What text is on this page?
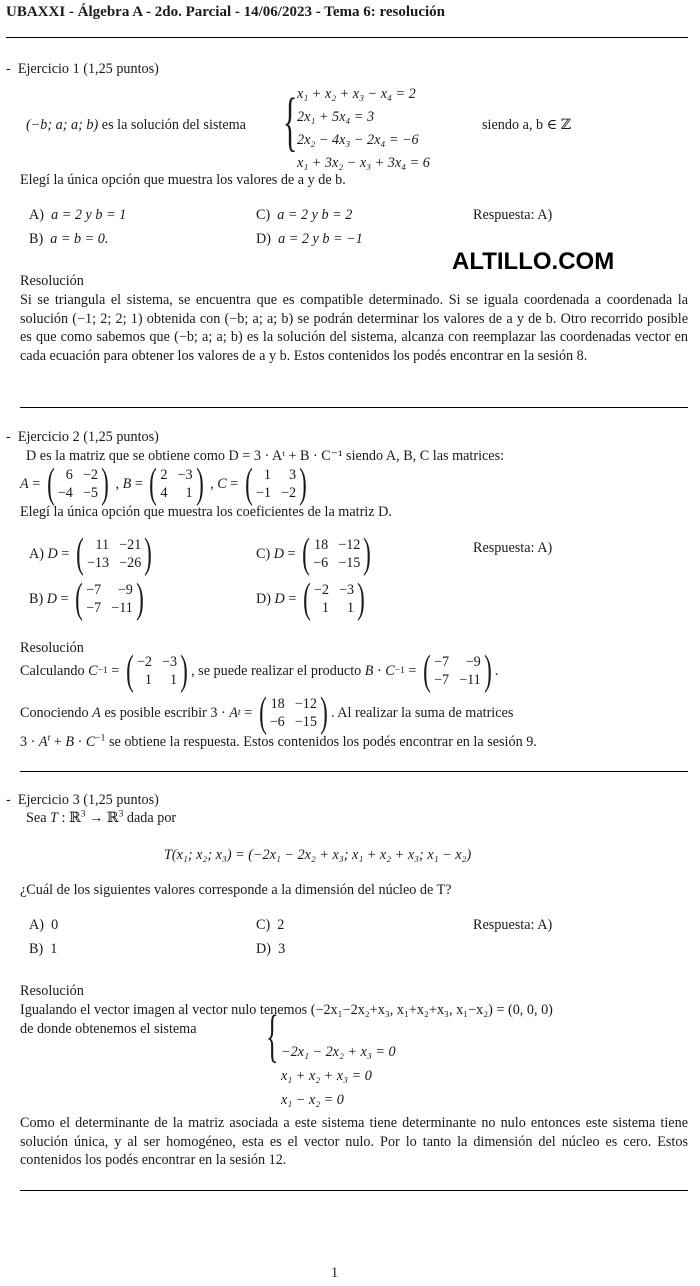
UBAXXI - Álgebra A - 2do. Parcial - 14/06/2023 - Tema 6: resolución
-  Ejercicio 1 (1,25 puntos)
(−b; a; a; b) es la solución del sistema { x₁ + x₂ + x₃ − x₄ = 2
2x₁ + 5x₄ = 3
2x₂ − 4x₃ − 2x₄ = −6
x₁ + 3x₂ − x₃ + 3x₄ = 6
siendo a, b ∈ ℤ
Elegí la única opción que muestra los valores de a y de b.
A)  a = 2 y b = 1
B)  a = b = 0.
C)  a = 2 y b = 2
D)  a = 2 y b = −1
Respuesta: A)
ALTILLO.COM
Resolución
Si se triangula el sistema, se encuentra que es compatible determinado. Si se iguala coordenada a coordenada la solución (−1; 2; 2; 1) obtenida con (−b; a; a; b) se podrán determinar los valores de a y de b. Otro recorrido posible es que como sabemos que (−b; a; a; b) es la solución del sistema, alcanza con reemplazar las coordenadas vector en cada ecuación para obtener los valores de a y b. Estos contenidos los podés encontrar en la sesión 8.
-  Ejercicio 2 (1,25 puntos)
D es la matriz que se obtiene como D = 3 · Aᵗ + B · C⁻¹ siendo A, B, C las matrices:
A = ( 6 −2
−4 −5 ) , B = ( 2 −3
4	1 ) , C = ( 1	3
−1 −2 )
Elegí la única opción que muestra los coeficientes de la matriz D.
A) D = ( 11 −21
−13 −26 )	C) D = ( 18 −12
−6 −15 )	Respuesta: A)
B) D = ( −7	−9
−7 −11 )	D) D = ( −2 −3
1	1 )
Resolución
Calculando
C −1 = ( −2 −3
1	1 ) , se puede realizar el producto
B · C −1 = ( −7	−9
−7 −11 ) .
Conociendo
A
es posible escribir 3 · A t = ( 18 −12
−6 −15 ) . Al realizar la suma de matrices
$3 \cdot A^t + B \cdot C^{-1}$ se obtiene la respuesta. Estos contenidos los podés encontrar en la sesión 9.
-  Ejercicio 3 (1,25 puntos)
Sea T : ℝ$^3$ → ℝ$^3$ dada por
T(x₁; x₂; x₃) = (−2x₁ − 2x₂ + x₃; x₁ + x₂ + x₃; x₁ − x₂)
¿Cuál de los siguientes valores corresponde a la dimensión del núcleo de T?
A)  0
B)  1
C)  2
D)  3
Respuesta: A)
Resolución
Igualando el vector imagen al vector nulo tenemos (−2x₁−2x₂+x₃, x₁+x₂+x₃, x₁−x₂) = (0, 0, 0)
de donde obtenemos el sistema { −2x₁ − 2x₂ + x₃ = 0
x₁ + x₂ + x₃ = 0
x₁ − x₂ = 0
Como el determinante de la matriz asociada a este sistema tiene determinante no nulo entonces este sistema tiene solución única, y al ser homogéneo, esta es el vector nulo. Por lo tanto la dimensión del núcleo es cero. Estos contenidos los podés encontrar en la sesión 12.
1
